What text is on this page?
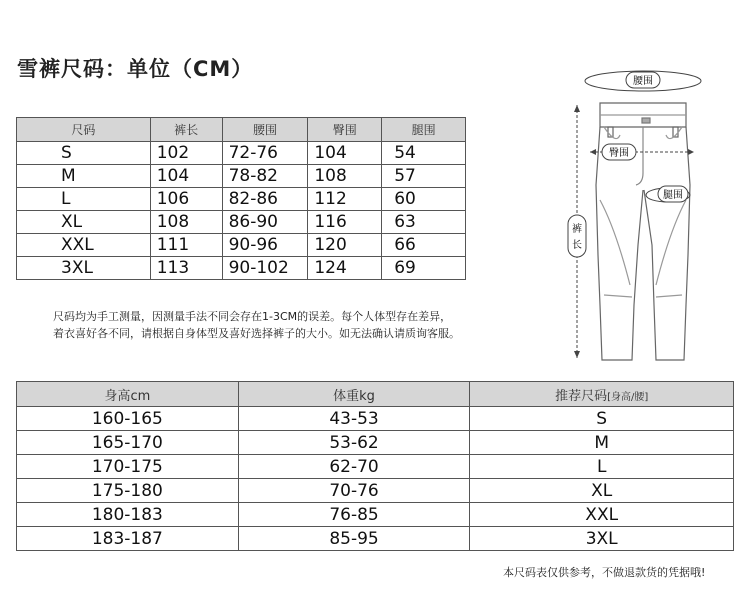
雪裤尺码：单位（CM）
尺码	裤长	腰围	臀围	腿围
S	102	72-76	104	54
M	104	78-82	108	57
L	106	82-86	112	60
XL	108	86-90	116	63
XXL	111	90-96	120	66
3XL	113	90-102	124	69
尺码均为手工测量，因测量手法不同会存在1-3CM的误差。每个人体型存在差异，
着衣喜好各不同，请根据自身体型及喜好选择裤子的大小。如无法确认请质询客服。
腰围
臀围
腿围
裤
长
身高cm	体重kg	推荐尺码[身高/腰]
160-165	43-53	S
165-170	53-62	M
170-175	62-70	L
175-180	70-76	XL
180-183	76-85	XXL
183-187	85-95	3XL
本尺码表仅供参考，不做退款货的凭据哦!
